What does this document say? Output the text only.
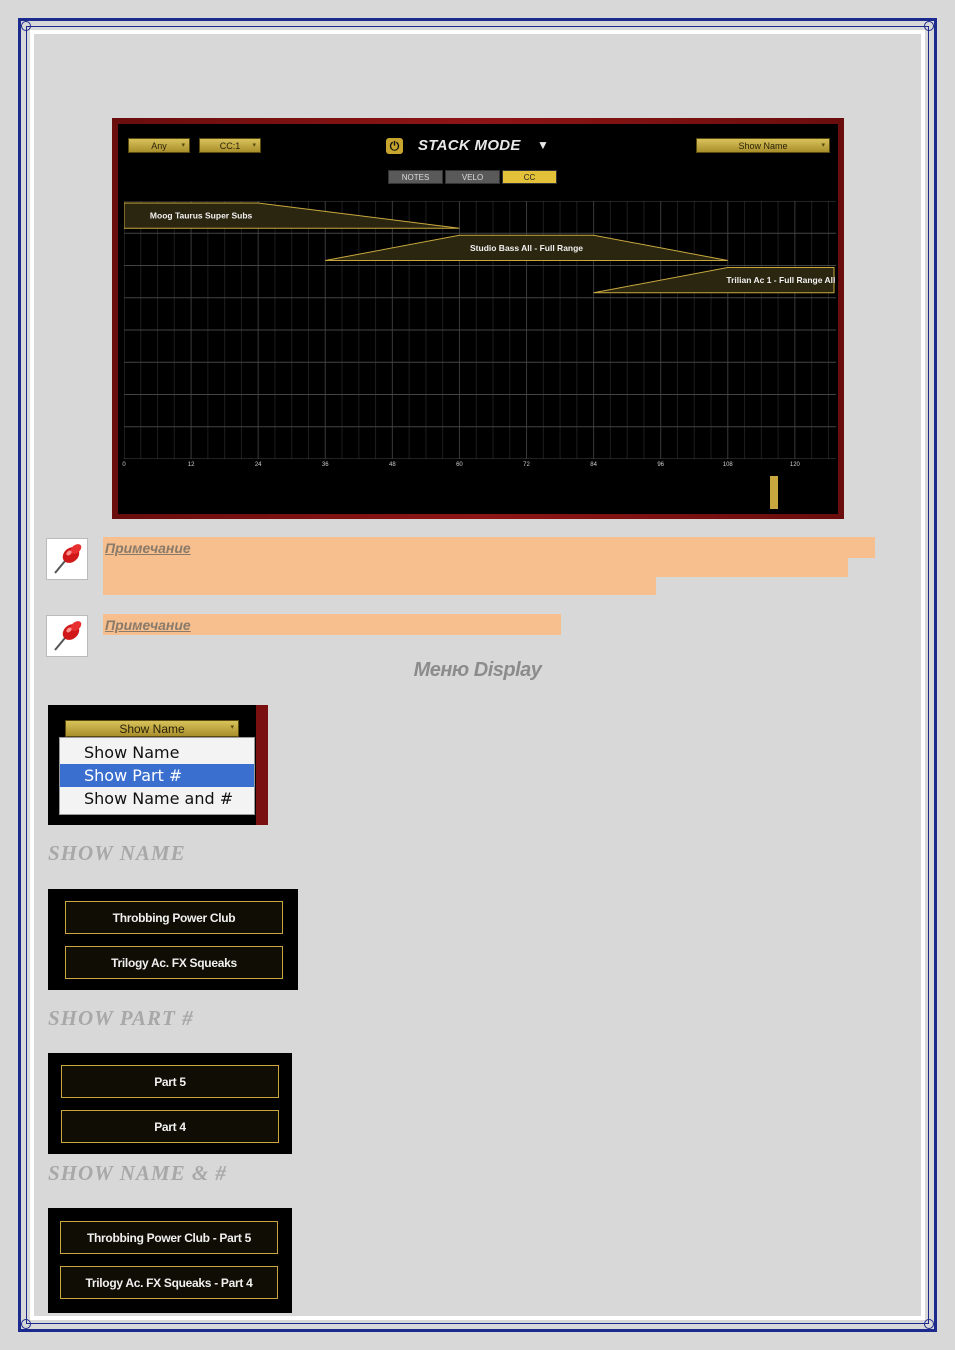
Any ▾	CC:1 ▾	⏻ STACK MODE ▼	Show Name	▾
NOTES	VELO	CC
Moog Taurus Super Subs
Studio Bass All - Full Range
Trilian Ac 1 - Full Range All
0	12	24	36	48	60	72	84	96	108	120
Примечание
Примечание
Меню Display
Show Name	▾
Show Name
Show Part #
Show Name and #
SHOW NAME
Throbbing Power Club
Trilogy Ac. FX Squeaks
SHOW PART #
Part 5
Part 4
SHOW NAME & #
Throbbing Power Club - Part 5
Trilogy Ac. FX Squeaks - Part 4
